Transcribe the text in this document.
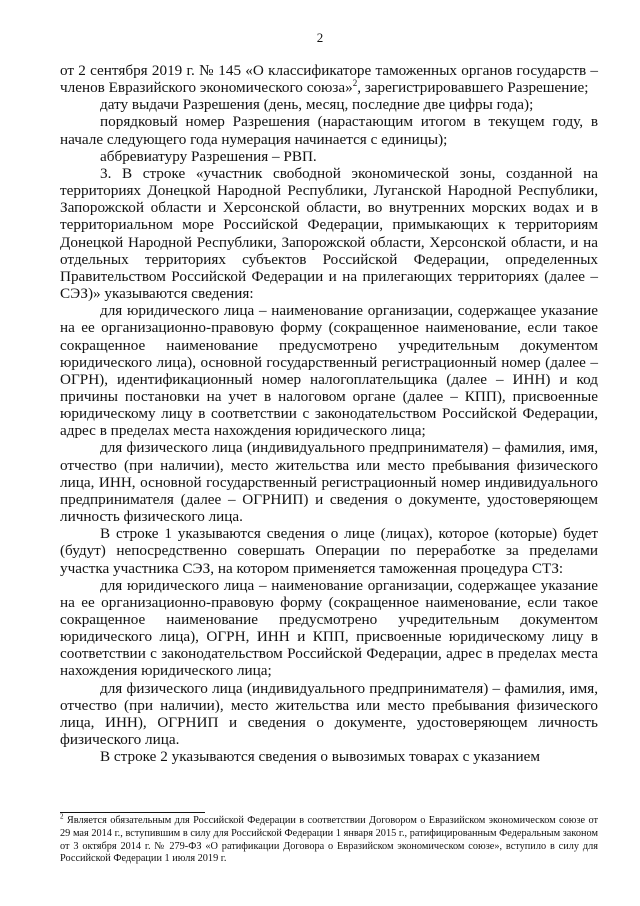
2

от 2 сентября 2019 г. № 145 «О классификаторе таможенных органов государств – членов Евразийского экономического союза»$^2$, зарегистрировавшего Разрешение;

дату выдачи Разрешения (день, месяц, последние две цифры года);

порядковый номер Разрешения (нарастающим итогом в текущем году, в начале следующего года нумерация начинается с единицы);

аббревиатуру Разрешения – РВП.

3. В строке «участник свободной экономической зоны, созданной на территориях Донецкой Народной Республики, Луганской Народной Республики, Запорожской области и Херсонской области, во внутренних морских водах и в территориальном море Российской Федерации, примыкающих к территориям Донецкой Народной Республики, Запорожской области, Херсонской области, и на отдельных территориях субъектов Российской Федерации, определенных Правительством Российской Федерации и на прилегающих территориях (далее – СЭЗ)» указываются сведения:

для юридического лица – наименование организации, содержащее указание на ее организационно-правовую форму (сокращенное наименование, если такое сокращенное наименование предусмотрено учредительным документом юридического лица), основной государственный регистрационный номер (далее – ОГРН), идентификационный номер налогоплательщика (далее – ИНН) и код причины постановки на учет в налоговом органе (далее – КПП), присвоенные юридическому лицу в соответствии с законодательством Российской Федерации, адрес в пределах места нахождения юридического лица;

для физического лица (индивидуального предпринимателя) – фамилия, имя, отчество (при наличии), место жительства или место пребывания физического лица, ИНН, основной государственный регистрационный номер индивидуального предпринимателя (далее – ОГРНИП) и сведения о документе, удостоверяющем личность физического лица.

В строке 1 указываются сведения о лице (лицах), которое (которые) будет (будут) непосредственно совершать Операции по переработке за пределами участка участника СЭЗ, на котором применяется таможенная процедура СТЗ:

для юридического лица – наименование организации, содержащее указание на ее организационно-правовую форму (сокращенное наименование, если такое сокращенное наименование предусмотрено учредительным документом юридического лица), ОГРН, ИНН и КПП, присвоенные юридическому лицу в соответствии с законодательством Российской Федерации, адрес в пределах места нахождения юридического лица;

для физического лица (индивидуального предпринимателя) – фамилия, имя, отчество (при наличии), место жительства или место пребывания физического лица, ИНН), ОГРНИП и сведения о документе, удостоверяющем личность физического лица.

В строке 2 указываются сведения о вывозимых товарах с указанием

$^2$ Является обязательным для Российской Федерации в соответствии Договором о Евразийском экономическом союзе от 29 мая 2014 г., вступившим в силу для Российской Федерации 1 января 2015 г., ратифицированным Федеральным законом от 3 октября 2014 г. № 279-ФЗ «О ратификации Договора о Евразийском экономическом союзе», вступило в силу для Российской Федерации 1 июля 2019 г.
